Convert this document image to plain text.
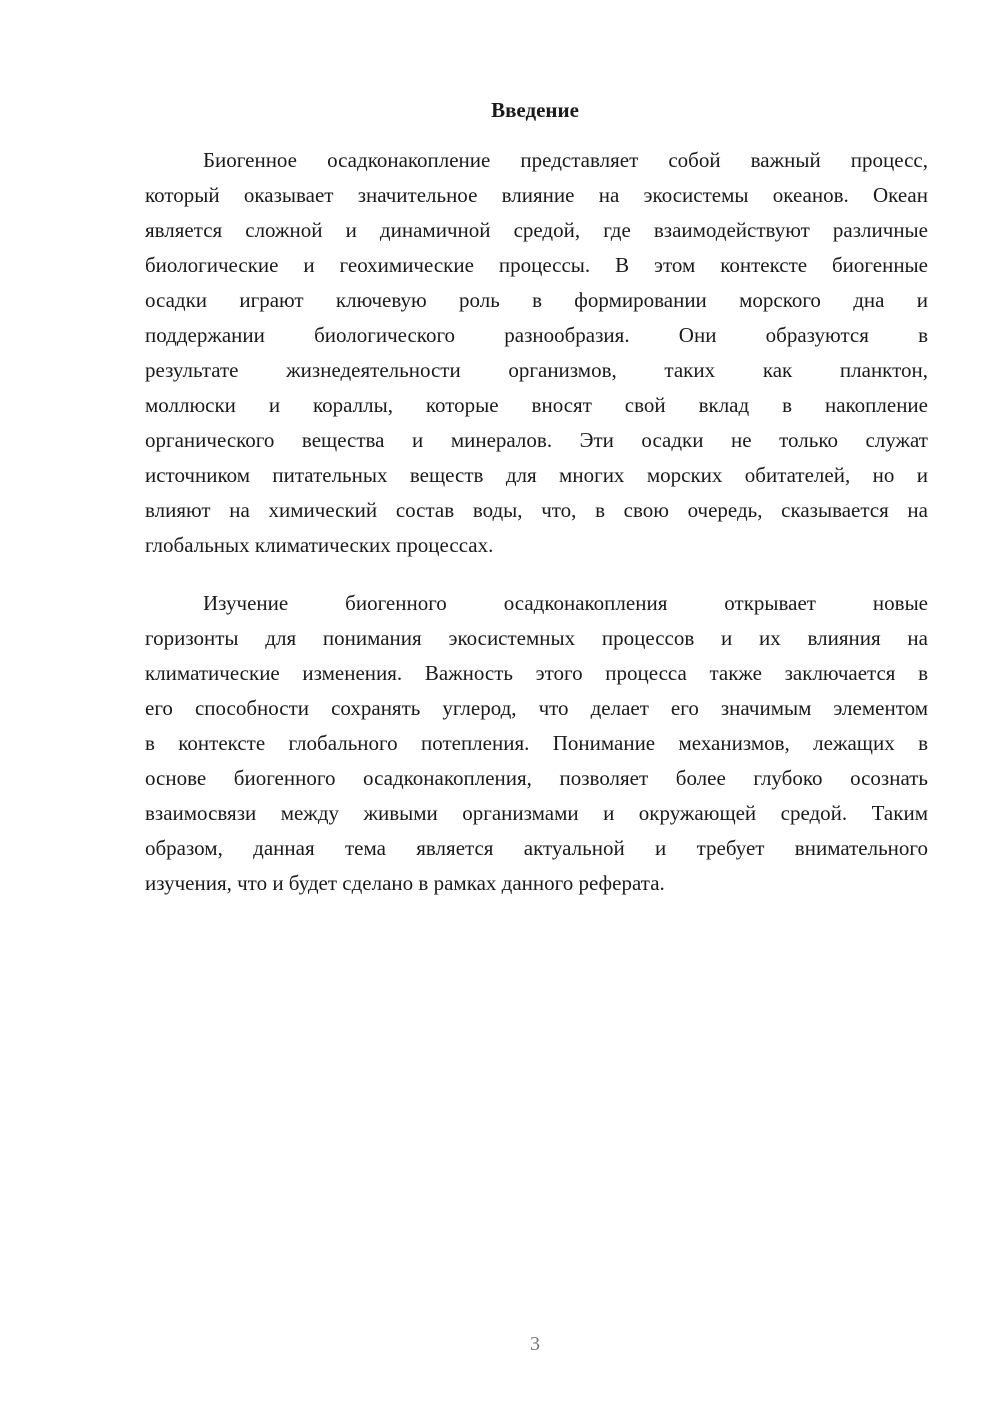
Введение
Биогенное осадконакопление представляет собой важный процесс,
который оказывает значительное влияние на экосистемы океанов. Океан
является сложной и динамичной средой, где взаимодействуют различные
биологические и геохимические процессы. В этом контексте биогенные
осадки играют ключевую роль в формировании морского дна и
поддержании биологического разнообразия. Они образуются в
результате жизнедеятельности организмов, таких как планктон,
моллюски и кораллы, которые вносят свой вклад в накопление
органического вещества и минералов. Эти осадки не только служат
источником питательных веществ для многих морских обитателей, но и
влияют на химический состав воды, что, в свою очередь, сказывается на
глобальных климатических процессах.
Изучение биогенного осадконакопления открывает новые
горизонты для понимания экосистемных процессов и их влияния на
климатические изменения. Важность этого процесса также заключается в
его способности сохранять углерод, что делает его значимым элементом
в контексте глобального потепления. Понимание механизмов, лежащих в
основе биогенного осадконакопления, позволяет более глубоко осознать
взаимосвязи между живыми организмами и окружающей средой. Таким
образом, данная тема является актуальной и требует внимательного
изучения, что и будет сделано в рамках данного реферата.
3
